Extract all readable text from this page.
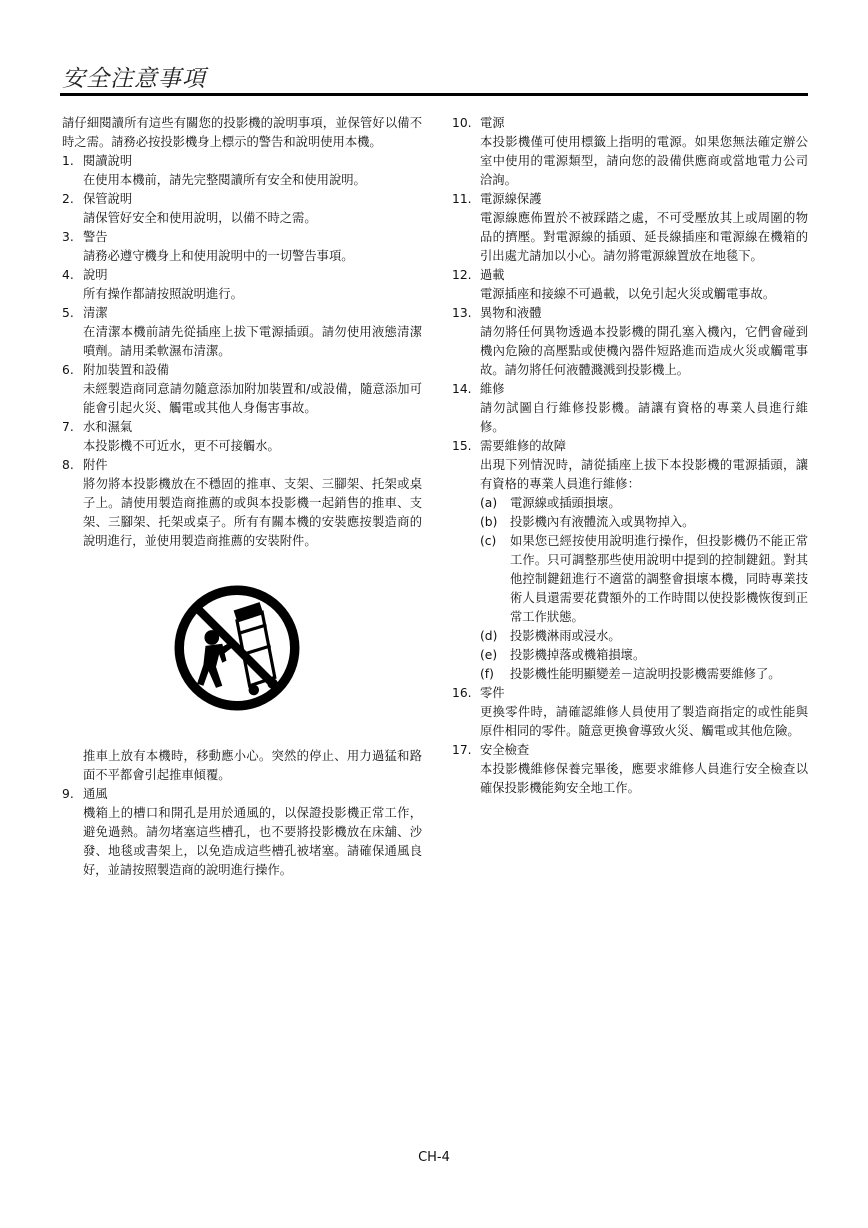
安全注意事項
請仔細閱讀所有這些有關您的投影機的說明事項，並保管好以備不時之需。請務必按投影機身上標示的警告和說明使用本機。
1. 閱讀說明
在使用本機前，請先完整閱讀所有安全和使用說明。
2. 保管說明
請保管好安全和使用說明，以備不時之需。
3. 警告
請務必遵守機身上和使用說明中的一切警告事項。
4. 說明
所有操作都請按照說明進行。
5. 清潔
在清潔本機前請先從插座上拔下電源插頭。請勿使用液態清潔噴劑。請用柔軟濕布清潔。
6. 附加裝置和設備
未經製造商同意請勿隨意添加附加裝置和/或設備，隨意添加可能會引起火災、觸電或其他人身傷害事故。
7. 水和濕氣
本投影機不可近水，更不可接觸水。
8. 附件
將勿將本投影機放在不穩固的推車、支架、三腳架、托架或桌子上。請使用製造商推薦的或與本投影機一起銷售的推車、支架、三腳架、托架或桌子。所有有關本機的安裝應按製造商的說明進行，並使用製造商推薦的安裝附件。
推車上放有本機時，移動應小心。突然的停止、用力過猛和路面不平都會引起推車傾覆。
9. 通風
機箱上的槽口和開孔是用於通風的，以保證投影機正常工作，避免過熱。請勿堵塞這些槽孔，也不要將投影機放在床舖、沙發、地毯或書架上，以免造成這些槽孔被堵塞。請確保通風良好，並請按照製造商的說明進行操作。
10. 電源
本投影機僅可使用標籤上指明的電源。如果您無法確定辦公室中使用的電源類型，請向您的設備供應商或當地電力公司洽詢。
11. 電源線保護
電源線應佈置於不被踩踏之處，不可受壓放其上或周圍的物品的擠壓。對電源線的插頭、延長線插座和電源線在機箱的引出處尤請加以小心。請勿將電源線置放在地毯下。
12. 過載
電源插座和接線不可過載，以免引起火災或觸電事故。
13. 異物和液體
請勿將任何異物透過本投影機的開孔塞入機內，它們會碰到機內危險的高壓點或使機內器件短路進而造成火災或觸電事故。請勿將任何液體濺溅到投影機上。
14. 維修
請勿試圖自行維修投影機。請讓有資格的專業人員進行維修。
15. 需要維修的故障
出現下列情況時，請從插座上拔下本投影機的電源插頭，讓有資格的專業人員進行維修：
(a)	電源線或插頭損壞。
(b)	投影機內有液體流入或異物掉入。
(c)	如果您已經按使用說明進行操作，但投影機仍不能正常工作。只可調整那些使用說明中提到的控制鍵鈕。對其他控制鍵鈕進行不適當的調整會損壞本機，同時專業技術人員還需要花費額外的工作時間以使投影機恢復到正常工作狀態。
(d)	投影機淋雨或浸水。
(e)	投影機掉落或機箱損壞。
(f)	投影機性能明顯變差－這說明投影機需要維修了。
16. 零件
更換零件時，請確認維修人員使用了製造商指定的或性能與原件相同的零件。隨意更換會導致火災、觸電或其他危險。
17. 安全檢查
本投影機維修保養完畢後，應要求維修人員進行安全檢查以確保投影機能夠安全地工作。
CH-4
